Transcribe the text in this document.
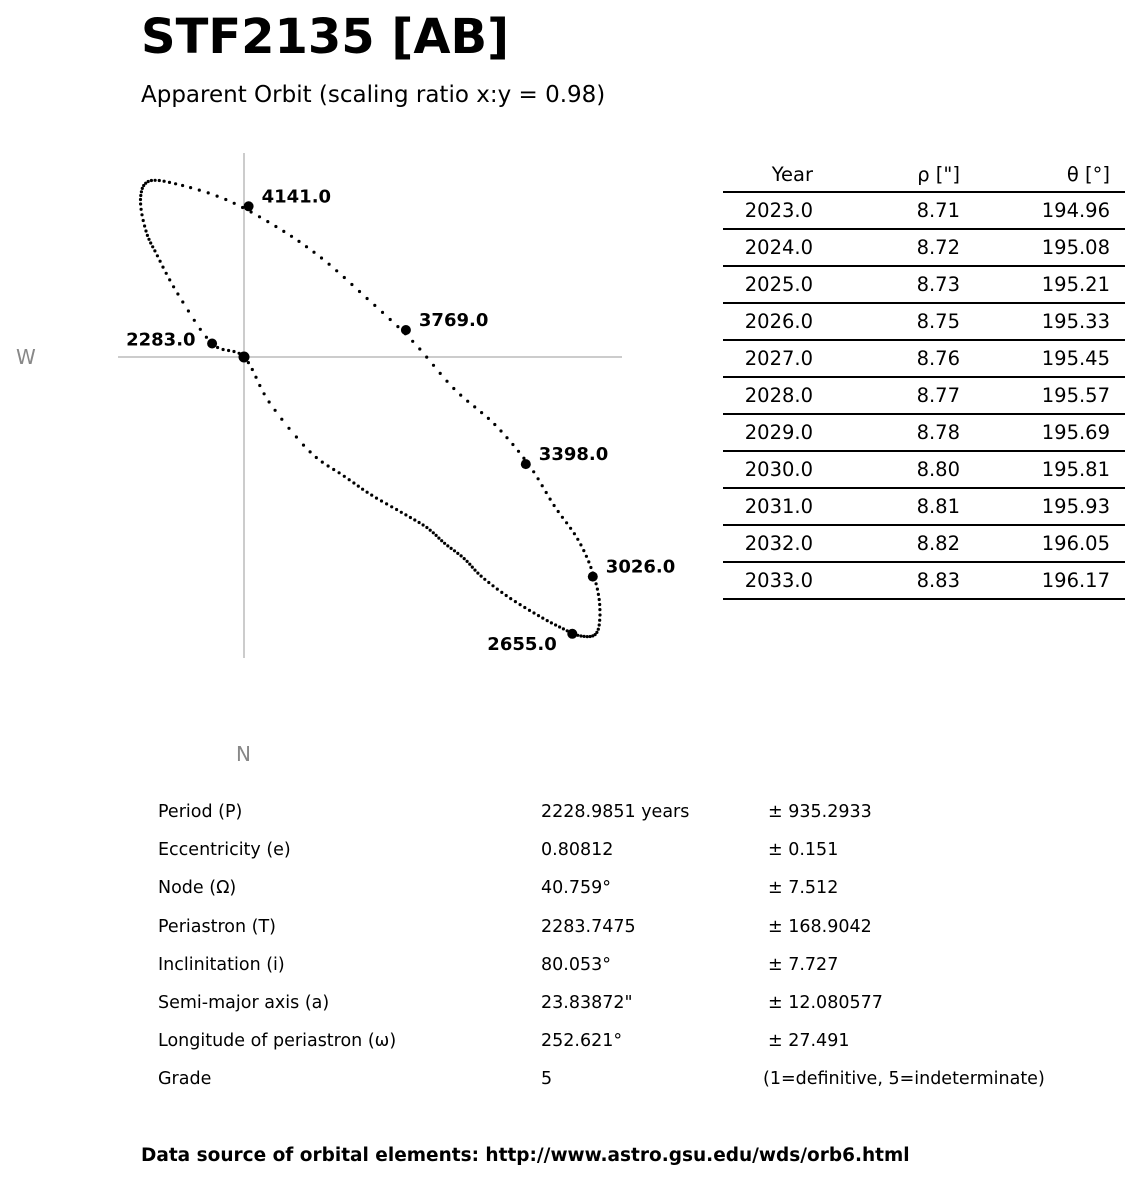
STF2135 [AB]
Apparent Orbit (scaling ratio x:y = 0.98)
W
N
2283.0
4141.0
3769.0
3398.0
3026.0
2655.0
Year	ρ ["]	θ [°]
2023.0	8.71	194.96
2024.0	8.72	195.08
2025.0	8.73	195.21
2026.0	8.75	195.33
2027.0	8.76	195.45
2028.0	8.77	195.57
2029.0	8.78	195.69
2030.0	8.80	195.81
2031.0	8.81	195.93
2032.0	8.82	196.05
2033.0	8.83	196.17
Period (P)	2228.9851 years	± 935.2933
Eccentricity (e)	0.80812	± 0.151
Node (Ω)	40.759°	± 7.512
Periastron (T)	2283.7475	± 168.9042
Inclinitation (i)	80.053°	± 7.727
Semi-major axis (a)	23.83872"	± 12.080577
Longitude of periastron (ω)	252.621°	± 27.491
Grade	5	(1=definitive, 5=indeterminate)
Data source of orbital elements: http://www.astro.gsu.edu/wds/orb6.html
